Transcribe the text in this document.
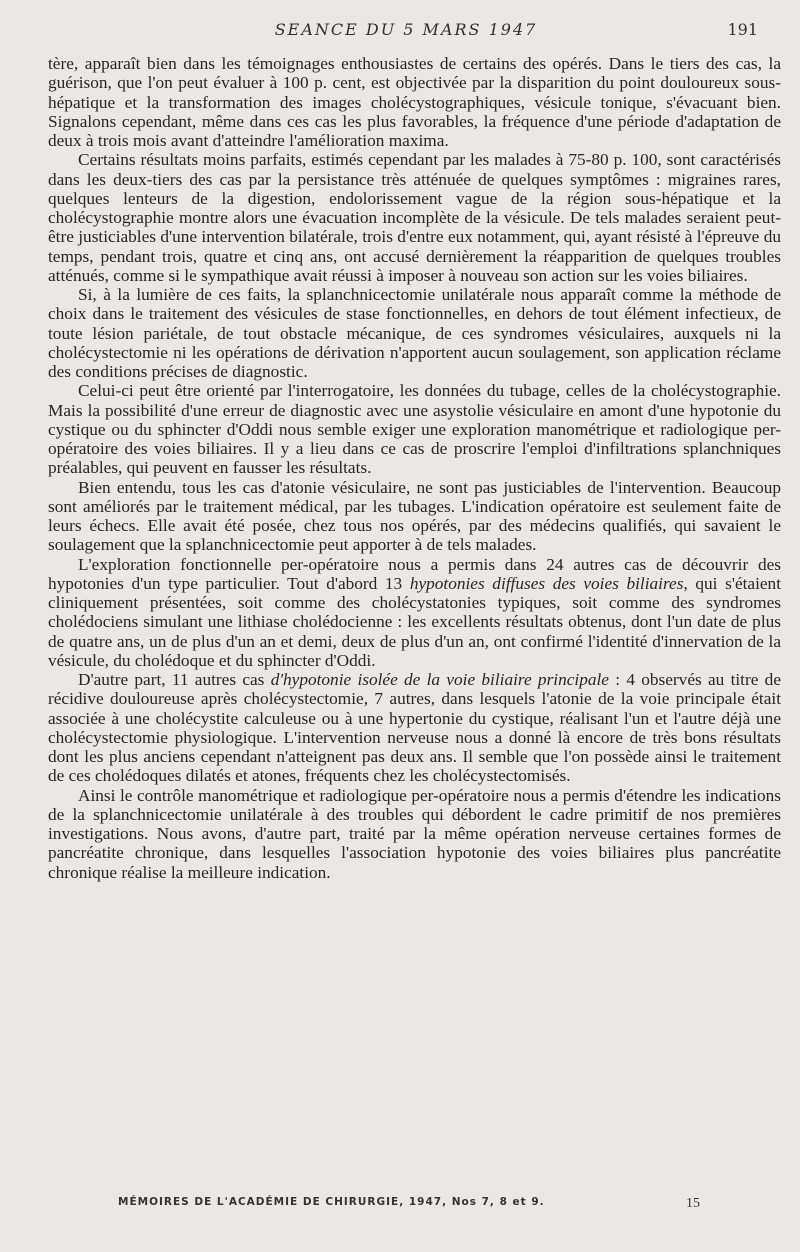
SEANCE DU 5 MARS 1947	191

tère, apparaît bien dans les témoignages enthousiastes de certains des opérés. Dans le tiers des cas, la guérison, que l'on peut évaluer à 100 p. cent, est objectivée par la disparition du point douloureux sous-hépatique et la transformation des images cholécystographiques, vésicule tonique, s'évacuant bien. Signalons cependant, même dans ces cas les plus favorables, la fréquence d'une période d'adaptation de deux à trois mois avant d'atteindre l'amélioration maxima.

Certains résultats moins parfaits, estimés cependant par les malades à 75-80 p. 100, sont caractérisés dans les deux-tiers des cas par la persistance très atténuée de quelques symptômes : migraines rares, quelques lenteurs de la digestion, endolorissement vague de la région sous-hépatique et la cholécystographie montre alors une évacuation incomplète de la vésicule. De tels malades seraient peut-être justiciables d'une intervention bilatérale, trois d'entre eux notamment, qui, ayant résisté à l'épreuve du temps, pendant trois, quatre et cinq ans, ont accusé dernièrement la réapparition de quelques troubles atténués, comme si le sympathique avait réussi à imposer à nouveau son action sur les voies biliaires.

Si, à la lumière de ces faits, la splanchnicectomie unilatérale nous apparaît comme la méthode de choix dans le traitement des vésicules de stase fonctionnelles, en dehors de tout élément infectieux, de toute lésion pariétale, de tout obstacle mécanique, de ces syndromes vésiculaires, auxquels ni la cholécystectomie ni les opérations de dérivation n'apportent aucun soulagement, son application réclame des conditions précises de diagnostic.

Celui-ci peut être orienté par l'interrogatoire, les données du tubage, celles de la cholécystographie. Mais la possibilité d'une erreur de diagnostic avec une asystolie vésiculaire en amont d'une hypotonie du cystique ou du sphincter d'Oddi nous semble exiger une exploration manométrique et radiologique per-opératoire des voies biliaires. Il y a lieu dans ce cas de proscrire l'emploi d'infiltrations splanchniques préalables, qui peuvent en fausser les résultats.

Bien entendu, tous les cas d'atonie vésiculaire, ne sont pas justiciables de l'intervention. Beaucoup sont améliorés par le traitement médical, par les tubages. L'indication opératoire est seulement faite de leurs échecs. Elle avait été posée, chez tous nos opérés, par des médecins qualifiés, qui savaient le soulagement que la splanchnicectomie peut apporter à de tels malades.

L'exploration fonctionnelle per-opératoire nous a permis dans 24 autres cas de découvrir des hypotonies d'un type particulier. Tout d'abord 13 hypotonies diffuses des voies biliaires, qui s'étaient cliniquement présentées, soit comme des cholécystatonies typiques, soit comme des syndromes cholédociens simulant une lithiase cholédocienne : les excellents résultats obtenus, dont l'un date de plus de quatre ans, un de plus d'un an et demi, deux de plus d'un an, ont confirmé l'identité d'innervation de la vésicule, du cholédoque et du sphincter d'Oddi.

D'autre part, 11 autres cas d'hypotonie isolée de la voie biliaire principale : 4 observés au titre de récidive douloureuse après cholécystectomie, 7 autres, dans lesquels l'atonie de la voie principale était associée à une cholécystite calculeuse ou à une hypertonie du cystique, réalisant l'un et l'autre déjà une cholécystectomie physiologique. L'intervention nerveuse nous a donné là encore de très bons résultats dont les plus anciens cependant n'atteignent pas deux ans. Il semble que l'on possède ainsi le traitement de ces cholédoques dilatés et atones, fréquents chez les cholécystectomisés.

Ainsi le contrôle manométrique et radiologique per-opératoire nous a permis d'étendre les indications de la splanchnicectomie unilatérale à des troubles qui débordent le cadre primitif de nos premières investigations. Nous avons, d'autre part, traité par la même opération nerveuse certaines formes de pancréatite chronique, dans lesquelles l'association hypotonie des voies biliaires plus pancréatite chronique réalise la meilleure indication.

MÉMOIRES DE L'ACADÉMIE DE CHIRURGIE, 1947, Nos 7, 8 et 9.	15
